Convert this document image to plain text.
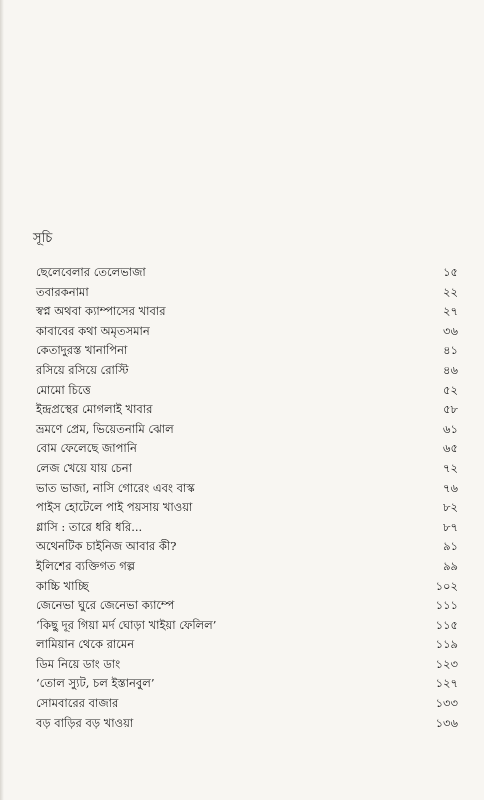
সূচি
ছেলেবেলার তেলেভাজা	১৫
তবারকনামা	২২
স্বপ্ন অথবা ক্যাম্পাসের খাবার	২৭
কাবাবের কথা অমৃতসমান	৩৬
কেতাদুরস্ত খানাপিনা	৪১
রসিয়ে রসিয়ে রোস্টি	৪৬
মোমো চিত্তে	৫২
ইন্দ্রপ্রস্থের মোগলাই খাবার	৫৮
ভ্রমণে প্রেম, ভিয়েতনামি ঝোল	৬১
বোম ফেলেছে জাপানি	৬৫
লেজ খেয়ে যায় চেনা	৭২
ভাত ভাজা, নাসি গোরেং এবং বাস্ক	৭৬
পাইস হোটেলে পাই পয়সায় খাওয়া	৮২
গ্লাসি : তারে ধরি ধরি...	৮৭
অথেনটিক চাইনিজ আবার কী?	৯১
ইলিশের ব্যক্তিগত গল্প	৯৯
কাচ্চি খাচ্ছি	১০২
জেনেভা ঘুরে জেনেভা ক্যাম্পে	১১১
‘কিছু দূর গিয়া মর্দ ঘোড়া খাইয়া ফেলিল’	১১৫
লামিয়ান থেকে রামেন	১১৯
ডিম নিয়ে ডাং ডাং	১২৩
‘তোল স্যুট, চল ইস্তানবুল’	১২৭
সোমবারের বাজার	১৩৩
বড় বাড়ির বড় খাওয়া	১৩৬
